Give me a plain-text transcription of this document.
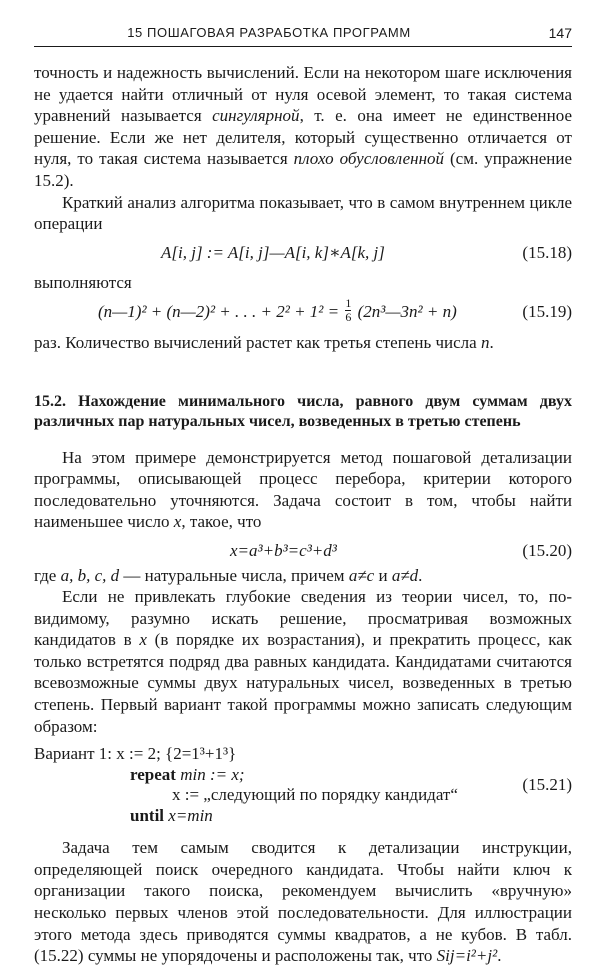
15 ПОШАГОВАЯ РАЗРАБОТКА ПРОГРАММ	147

точность и надежность вычислений. Если на некотором шаге исключения не удается найти отличный от нуля осевой элемент, то такая система уравнений называется сингулярной, т. е. она имеет не единственное решение. Если же нет делителя, который существенно отличается от нуля, то такая система называется плохо обусловленной (см. упражнение 15.2).

Краткий анализ алгоритма показывает, что в самом внутреннем цикле операции

A[i, j] := A[i, j]—A[i, k]∗A[k, j]	(15.18)

выполняются

(n—1)² + (n—2)² + . . . + $2^2 + 1^2 = \frac{1}{6}$ (2n³—3n² + n)	(15.19)

раз. Количество вычислений растет как третья степень числа n.

15.2. Нахождение минимального числа, равного двум суммам двух различных пар натуральных чисел, возведенных в третью степень

На этом примере демонстрируется метод пошаговой детализации программы, описывающей процесс перебора, критерии которого последовательно уточняются. Задача состоит в том, чтобы найти наименьшее число x, такое, что

x=a³+b³=c³+d³	(15.20)

где a, b, c, d — натуральные числа, причем a≠c и a≠d.

Если не привлекать глубокие сведения из теории чисел, то, по-видимому, разумно искать решение, просматривая возможных кандидатов в x (в порядке их возрастания), и прекратить процесс, как только встретятся подряд два равных кандидата. Кандидатами считаются всевозможные суммы двух натуральных чисел, возведенных в третью степень. Первый вариант такой программы можно записать следующим образом:

Вариант 1: x := 2; {2=1³+1³}
repeat min := x;
x := „следующий по порядку кандидат“
until x=min
(15.21)

Задача тем самым сводится к детализации инструкции, определяющей поиск очередного кандидата. Чтобы найти ключ к организации такого поиска, рекомендуем вычислить «вручную» несколько первых членов этой последовательности. Для иллюстрации этого метода здесь приводятся суммы квадратов, а не кубов. В табл. (15.22) суммы не упорядочены и расположены так, что Sij=i²+j².
